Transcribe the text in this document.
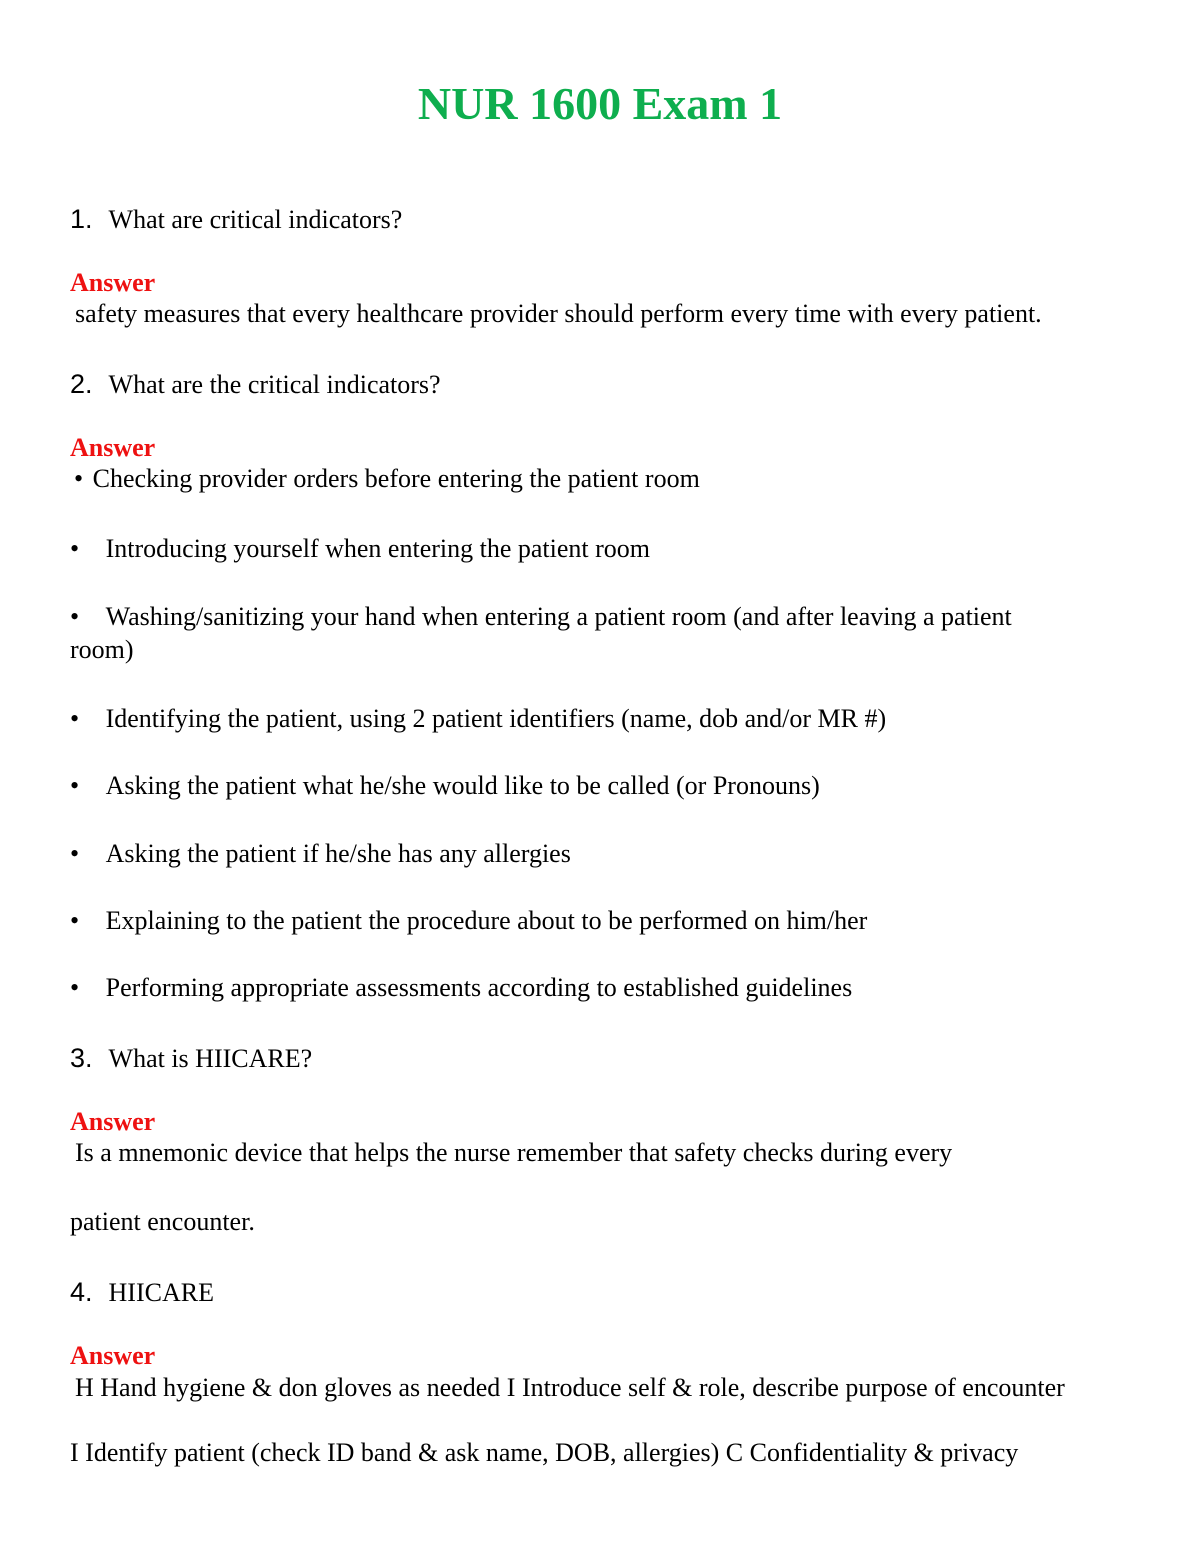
NUR 1600 Exam 1
1. What are critical indicators?
Answer
safety measures that every healthcare provider should perform every time with every patient.
2. What are the critical indicators?
Answer
• Checking provider orders before entering the patient room
• Introducing yourself when entering the patient room
• Washing/sanitizing your hand when entering a patient room (and after leaving a patient
room)
• Identifying the patient, using 2 patient identifiers (name, dob and/or MR #)
• Asking the patient what he/she would like to be called (or Pronouns)
• Asking the patient if he/she has any allergies
• Explaining to the patient the procedure about to be performed on him/her
• Performing appropriate assessments according to established guidelines
3. What is HIICARE?
Answer
Is a mnemonic device that helps the nurse remember that safety checks during every
patient encounter.
4. HIICARE
Answer
H Hand hygiene & don gloves as needed I Introduce self & role, describe purpose of encounter
I Identify patient (check ID band & ask name, DOB, allergies) C Confidentiality & privacy
